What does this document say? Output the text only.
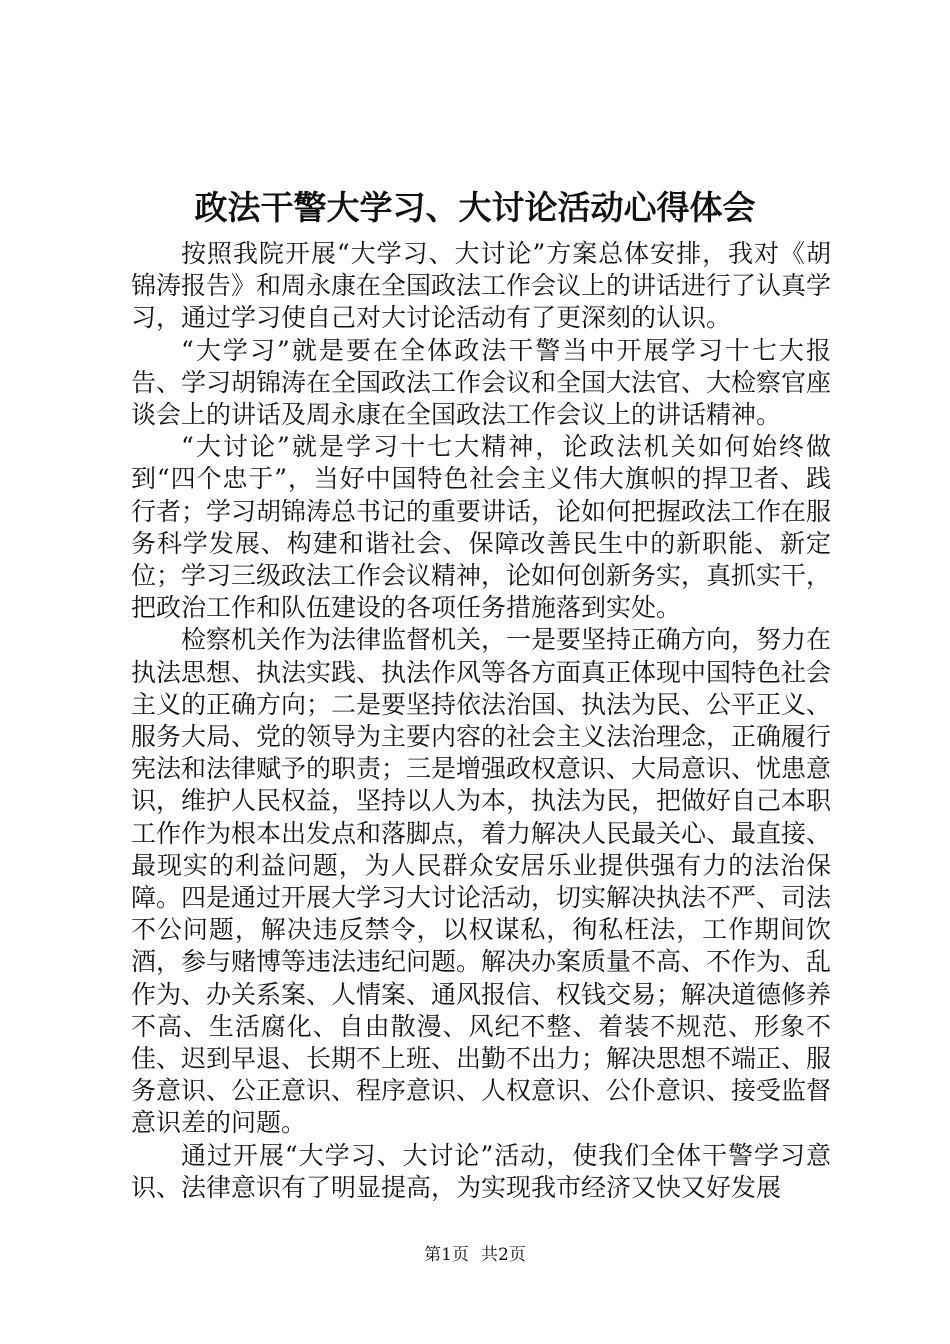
政法干警大学习、大讨论活动心得体会

按照我院开展“大学习、大讨论”方案总体安排，我对《胡锦涛报告》和周永康在全国政法工作会议上的讲话进行了认真学习，通过学习使自己对大讨论活动有了更深刻的认识。

“大学习”就是要在全体政法干警当中开展学习十七大报告、学习胡锦涛在全国政法工作会议和全国大法官、大检察官座谈会上的讲话及周永康在全国政法工作会议上的讲话精神。

“大讨论”就是学习十七大精神，论政法机关如何始终做到“四个忠于”，当好中国特色社会主义伟大旗帜的捍卫者、践行者；学习胡锦涛总书记的重要讲话，论如何把握政法工作在服务科学发展、构建和谐社会、保障改善民生中的新职能、新定位；学习三级政法工作会议精神，论如何创新务实，真抓实干，把政治工作和队伍建设的各项任务措施落到实处。

检察机关作为法律监督机关，一是要坚持正确方向，努力在执法思想、执法实践、执法作风等各方面真正体现中国特色社会主义的正确方向；二是要坚持依法治国、执法为民、公平正义、服务大局、党的领导为主要内容的社会主义法治理念，正确履行宪法和法律赋予的职责；三是增强政权意识、大局意识、忧患意识，维护人民权益，坚持以人为本，执法为民，把做好自己本职工作作为根本出发点和落脚点，着力解决人民最关心、最直接、最现实的利益问题，为人民群众安居乐业提供强有力的法治保障。四是通过开展大学习大讨论活动，切实解决执法不严、司法不公问题，解决违反禁令，以权谋私，徇私枉法，工作期间饮酒，参与赌博等违法违纪问题。解决办案质量不高、不作为、乱作为、办关系案、人情案、通风报信、权钱交易；解决道德修养不高、生活腐化、自由散漫、风纪不整、着装不规范、形象不佳、迟到早退、长期不上班、出勤不出力；解决思想不端正、服务意识、公正意识、程序意识、人权意识、公仆意识、接受监督意识差的问题。

通过开展“大学习、大讨论”活动，使我们全体干警学习意识、法律意识有了明显提高，为实现我市经济又快又好发展

第1页 共2页
